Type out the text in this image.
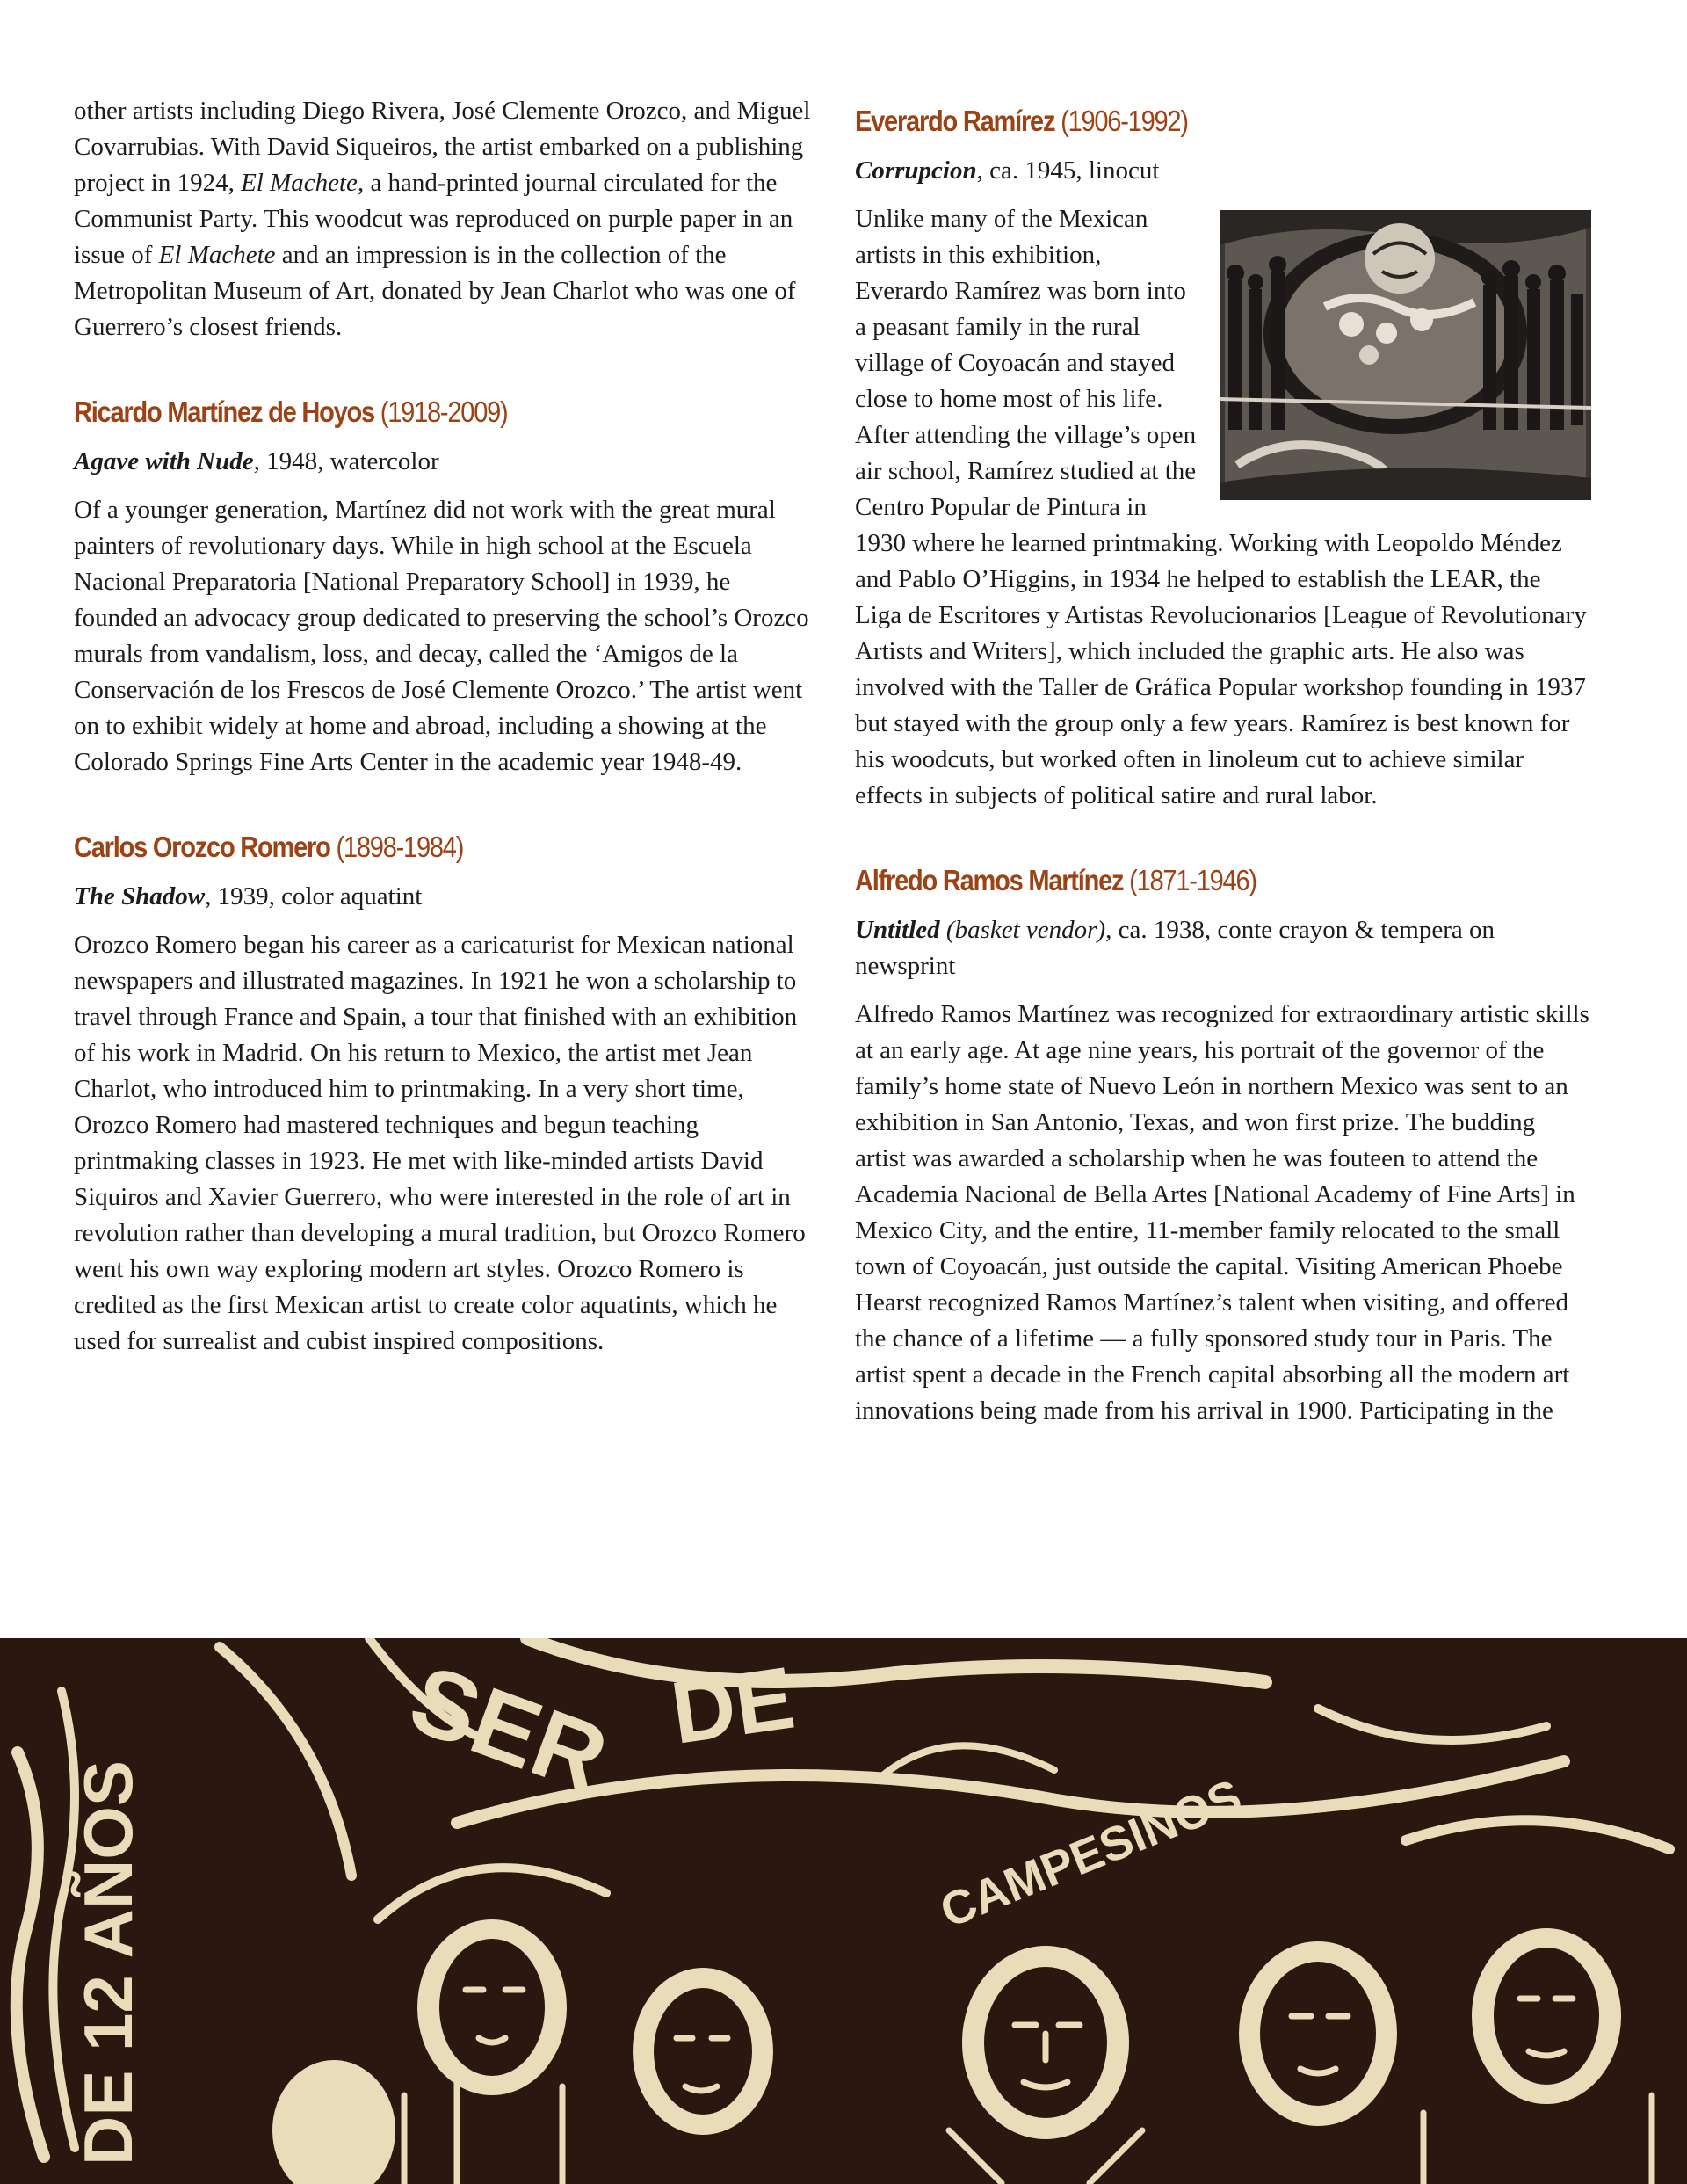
other artists including Diego Rivera, José Clemente Orozco, and Miguel Covarrubias. With David Siqueiros, the artist embarked on a publishing project in 1924, El Machete, a hand-printed journal circulated for the Communist Party. This woodcut was reproduced on purple paper in an issue of El Machete and an impression is in the collection of the Metropolitan Museum of Art, donated by Jean Charlot who was one of Guerrero’s closest friends.

Ricardo Martínez de Hoyos (1918-2009)

Agave with Nude, 1948, watercolor

Of a younger generation, Martínez did not work with the great mural painters of revolutionary days. While in high school at the Escuela Nacional Preparatoria [National Preparatory School] in 1939, he founded an advocacy group dedicated to preserving the school’s Orozco murals from vandalism, loss, and decay, called the ‘Amigos de la Conservación de los Frescos de José Clemente Orozco.’ The artist went on to exhibit widely at home and abroad, including a showing at the Colorado Springs Fine Arts Center in the academic year 1948-49.

Carlos Orozco Romero (1898-1984)

The Shadow, 1939, color aquatint

Orozco Romero began his career as a caricaturist for Mexican national newspapers and illustrated magazines. In 1921 he won a scholarship to travel through France and Spain, a tour that finished with an exhibition of his work in Madrid. On his return to Mexico, the artist met Jean Charlot, who introduced him to printmaking. In a very short time, Orozco Romero had mastered techniques and begun teaching printmaking classes in 1923. He met with like-minded artists David Siquiros and Xavier Guerrero, who were interested in the role of art in revolution rather than developing a mural tradition, but Orozco Romero went his own way exploring modern art styles. Orozco Romero is credited as the first Mexican artist to create color aquatints, which he used for surrealist and cubist inspired compositions.

Everardo Ramírez (1906-1992)

Corrupcion, ca. 1945, linocut

Unlike many of the Mexican artists in this exhibition, Everardo Ramírez was born into a peasant family in the rural village of Coyoacán and stayed close to home most of his life. After attending the village’s open air school, Ramírez studied at the Centro Popular de Pintura in 1930 where he learned printmaking. Working with Leopoldo Méndez and Pablo O’Higgins, in 1934 he helped to establish the LEAR, the Liga de Escritores y Artistas Revolucionarios [League of Revolutionary Artists and Writers], which included the graphic arts. He also was involved with the Taller de Gráfica Popular workshop founding in 1937 but stayed with the group only a few years. Ramírez is best known for his woodcuts, but worked often in linoleum cut to achieve similar effects in subjects of political satire and rural labor.

Alfredo Ramos Martínez (1871-1946)

Untitled (basket vendor), ca. 1938, conte crayon & tempera on newsprint

Alfredo Ramos Martínez was recognized for extraordinary artistic skills at an early age. At age nine years, his portrait of the governor of the family’s home state of Nuevo León in northern Mexico was sent to an exhibition in San Antonio, Texas, and won first prize. The budding artist was awarded a scholarship when he was fouteen to attend the Academia Nacional de Bella Artes [National Academy of Fine Arts] in Mexico City, and the entire, 11-member family relocated to the small town of Coyoacán, just outside the capital. Visiting American Phoebe Hearst recognized Ramos Martínez’s talent when visiting, and offered the chance of a lifetime — a fully sponsored study tour in Paris. The artist spent a decade in the French capital absorbing all the modern art innovations being made from his arrival in 1900. Participating in the

SER DE
CAMPESINOS
DE 12 AÑOS
